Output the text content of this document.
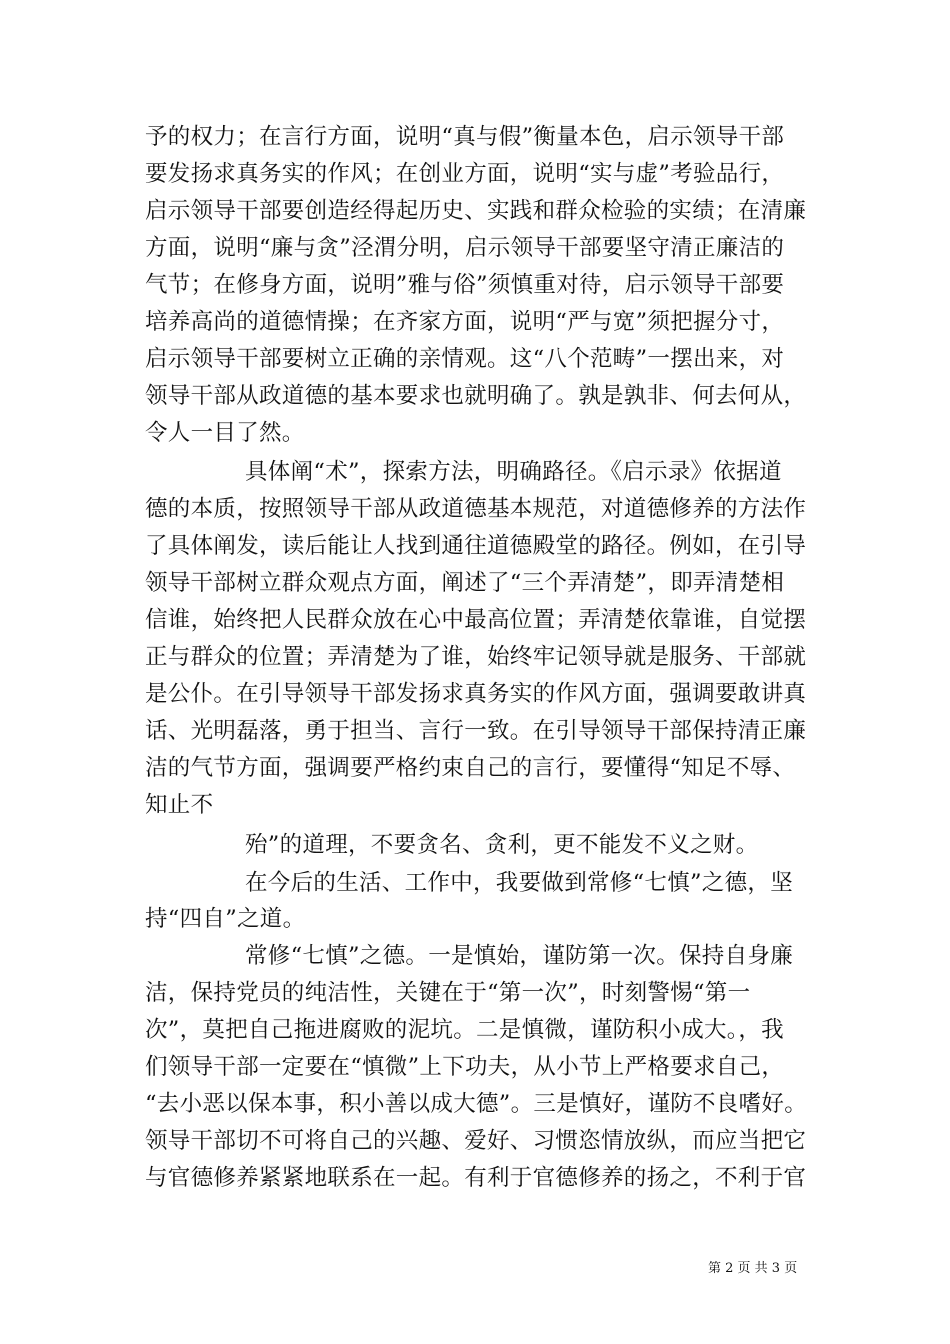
予的权力；在言行方面，说明“真与假”衡量本色，启示领导干部
要发扬求真务实的作风；在创业方面，说明“实与虚”考验品行，
启示领导干部要创造经得起历史、实践和群众检验的实绩；在清廉
方面，说明“廉与贪”泾渭分明，启示领导干部要坚守清正廉洁的
气节；在修身方面，说明”雅与俗”须慎重对待，启示领导干部要
培养高尚的道德情操；在齐家方面，说明“严与宽”须把握分寸，
启示领导干部要树立正确的亲情观。这“八个范畴”一摆出来，对
领导干部从政道德的基本要求也就明确了。孰是孰非、何去何从，
令人一目了然。
具体阐“术”，探索方法，明确路径。《启示录》依据道
德的本质，按照领导干部从政道德基本规范，对道德修养的方法作
了具体阐发，读后能让人找到通往道德殿堂的路径。例如，在引导
领导干部树立群众观点方面，阐述了“三个弄清楚”，即弄清楚相
信谁，始终把人民群众放在心中最高位置；弄清楚依靠谁，自觉摆
正与群众的位置；弄清楚为了谁，始终牢记领导就是服务、干部就
是公仆。在引导领导干部发扬求真务实的作风方面，强调要敢讲真
话、光明磊落，勇于担当、言行一致。在引导领导干部保持清正廉
洁的气节方面，强调要严格约束自己的言行，要懂得“知足不辱、
知止不
殆”的道理，不要贪名、贪利，更不能发不义之财。
在今后的生活、工作中，我要做到常修“七慎”之德，坚
持“四自”之道。
常修“七慎”之德。一是慎始，谨防第一次。保持自身廉
洁，保持党员的纯洁性，关键在于“第一次”，时刻警惕“第一
次”，莫把自己拖进腐败的泥坑。二是慎微，谨防积小成大。，我
们领导干部一定要在“慎微”上下功夫，从小节上严格要求自己，
“去小恶以保本事，积小善以成大德”。三是慎好，谨防不良嗜好。
领导干部切不可将自己的兴趣、爱好、习惯恣情放纵，而应当把它
与官德修养紧紧地联系在一起。有利于官德修养的扬之，不利于官
第 2 页 共 3 页
